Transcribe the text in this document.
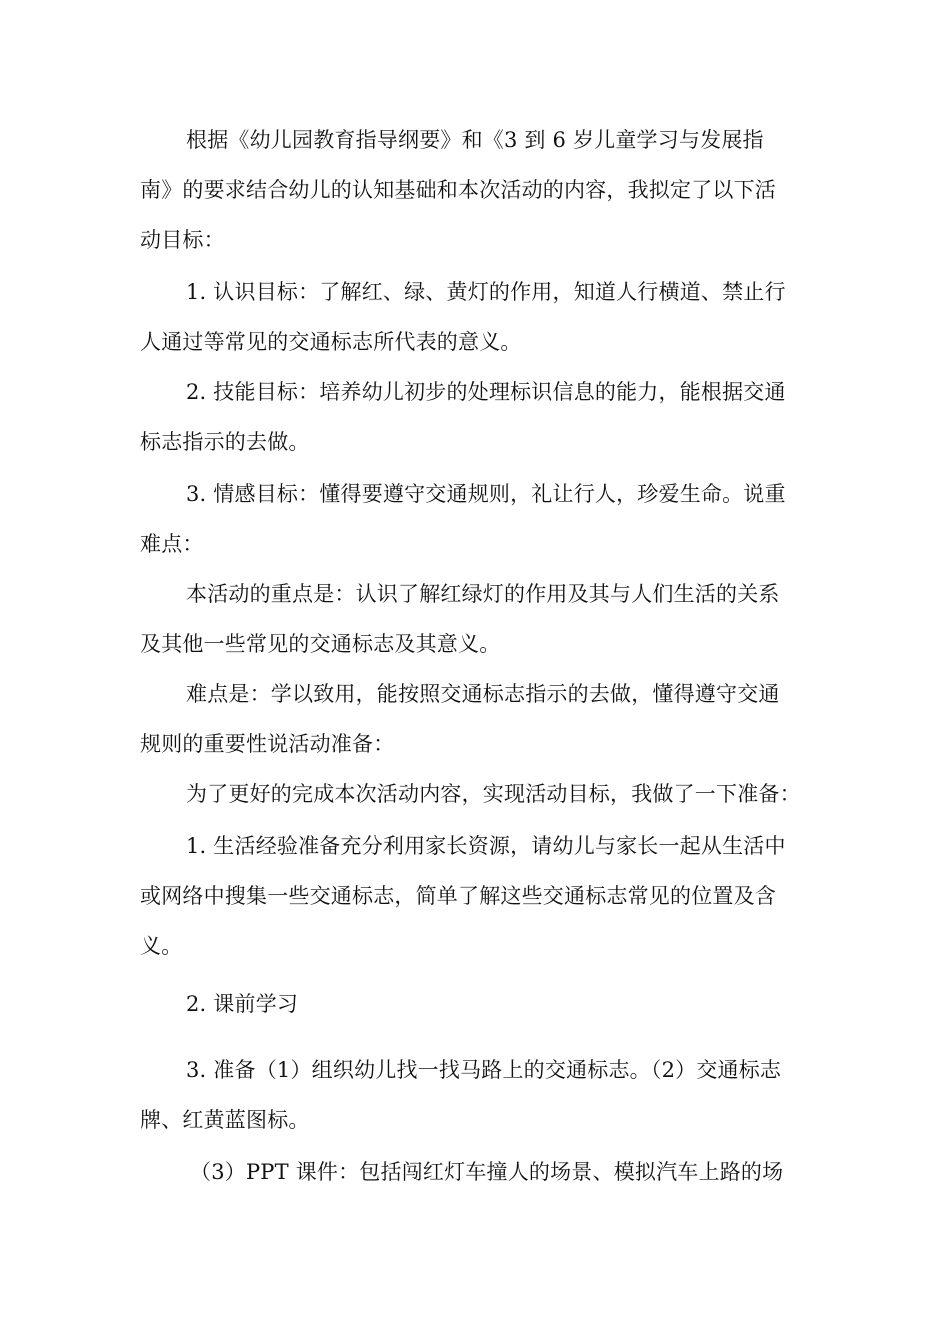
根据《幼儿园教育指导纲要》和《3 到 6 岁儿童学习与发展指
南》的要求结合幼儿的认知基础和本次活动的内容，我拟定了以下活
动目标：
1. 认识目标：了解红、绿、黄灯的作用，知道人行横道、禁止行
人通过等常见的交通标志所代表的意义。
2. 技能目标：培养幼儿初步的处理标识信息的能力，能根据交通
标志指示的去做。
3. 情感目标：懂得要遵守交通规则，礼让行人，珍爱生命。说重
难点：
本活动的重点是：认识了解红绿灯的作用及其与人们生活的关系
及其他一些常见的交通标志及其意义。
难点是：学以致用，能按照交通标志指示的去做，懂得遵守交通
规则的重要性说活动准备：
为了更好的完成本次活动内容，实现活动目标，我做了一下准备：
1. 生活经验准备充分利用家长资源，请幼儿与家长一起从生活中
或网络中搜集一些交通标志，简单了解这些交通标志常见的位置及含
义。
2. 课前学习
3. 准备（1）组织幼儿找一找马路上的交通标志。（2）交通标志
牌、红黄蓝图标。
（3）PPT 课件：包括闯红灯车撞人的场景、模拟汽车上路的场
